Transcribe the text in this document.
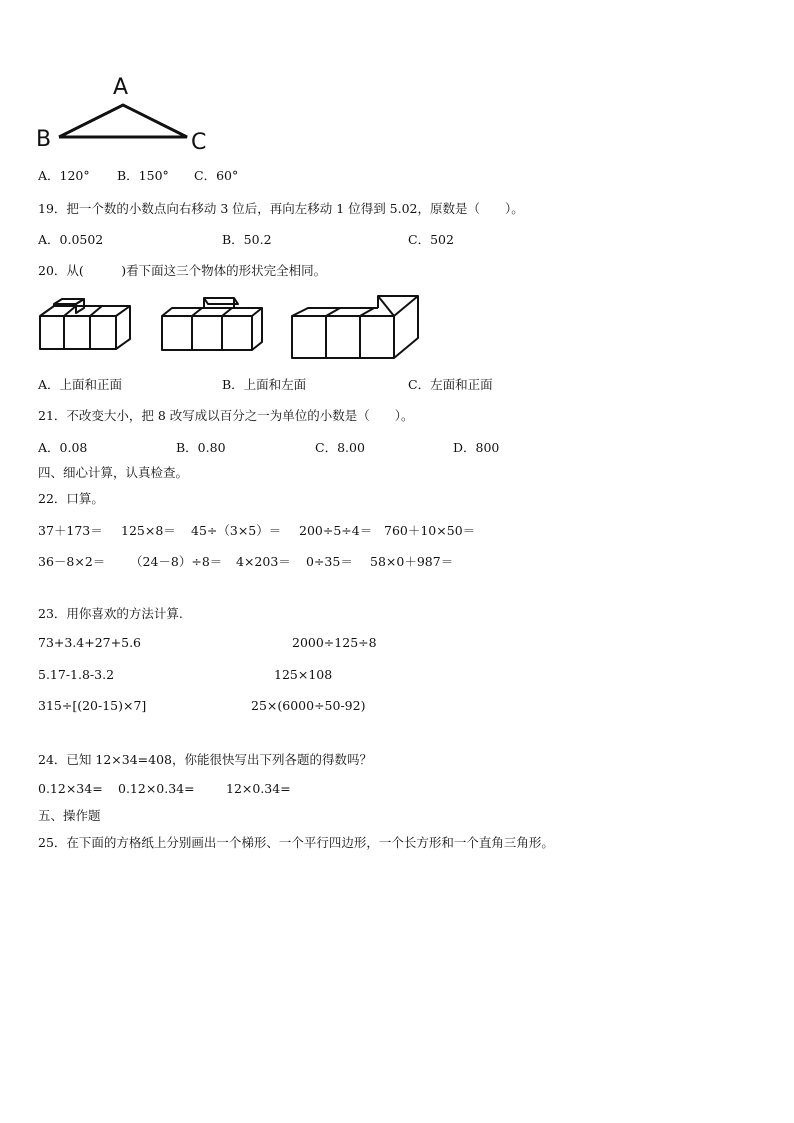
A
B	C
A．120° B．150° C．60°
19．把一个数的小数点向右移动 3 位后，再向左移动 1 位得到 5.02，原数是（　　）。
A．0.0502	B．50.2	C．502
20．从(　　　)看下面这三个物体的形状完全相同。
A．上面和正面	B．上面和左面	C．左面和正面
21．不改变大小，把 8 改写成以百分之一为单位的小数是（　　）。
A．0.08	B．0.80	C．8.00	D．800
四、细心计算，认真检查。
22．口算。
37＋173＝ 125×8＝ 45÷（3×5）＝ 200÷5÷4＝ 760＋10×50＝
36－8×2＝ （24－8）÷8＝ 4×203＝ 0÷35＝ 58×0＋987＝
23．用你喜欢的方法计算.
73+3.4+27+5.6	2000÷125÷8
5.17-1.8-3.2	125×108
315÷[(20-15)×7]	25×(6000÷50-92)
24．已知 12×34=408，你能很快写出下列各题的得数吗？
0.12×34= 0.12×0.34=	12×0.34=
五、操作题
25．在下面的方格纸上分别画出一个梯形、一个平行四边形，一个长方形和一个直角三角形。
